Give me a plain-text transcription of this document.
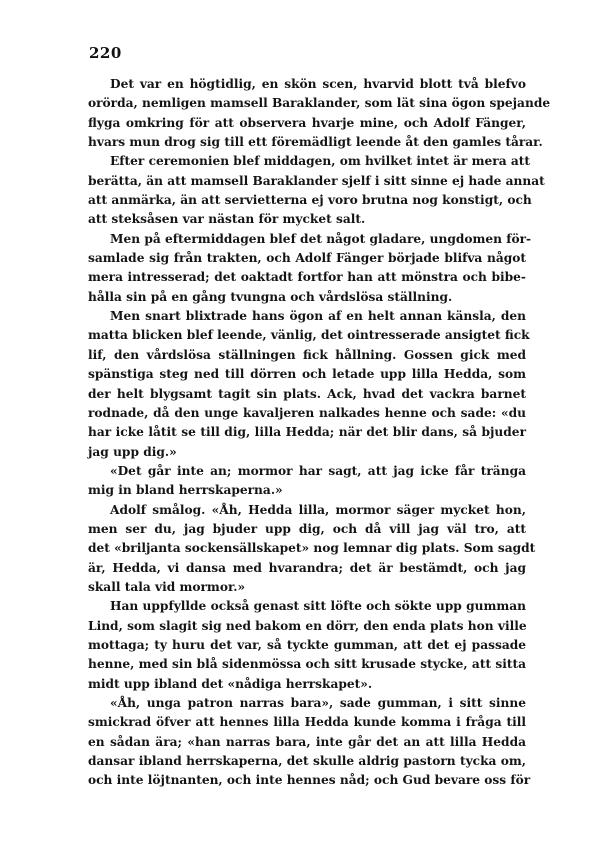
220
Det var en högtidlig, en skön scen, hvarvid blott två blefvo
orörda, nemligen mamsell Baraklander, som lät sina ögon spejande
flyga omkring för att observera hvarje mine, och Adolf Fänger,
hvars mun drog sig till ett föremädligt leende åt den gamles tårar.
Efter ceremonien blef middagen, om hvilket intet är mera att
berätta, än att mamsell Baraklander sjelf i sitt sinne ej hade annat
att anmärka, än att servietterna ej voro brutna nog konstigt, och
att steksåsen var nästan för mycket salt.
Men på eftermiddagen blef det något gladare, ungdomen för-
samlade sig från trakten, och Adolf Fänger började blifva något
mera intresserad; det oaktadt fortfor han att mönstra och bibe-
hålla sin på en gång tvungna och vårdslösa ställning.
Men snart blixtrade hans ögon af en helt annan känsla, den
matta blicken blef leende, vänlig, det ointresserade ansigtet fick
lif, den vårdslösa ställningen fick hållning. Gossen gick med
spänstiga steg ned till dörren och letade upp lilla Hedda, som
der helt blygsamt tagit sin plats. Ack, hvad det vackra barnet
rodnade, då den unge kavaljeren nalkades henne och sade: «du
har icke låtit se till dig, lilla Hedda; när det blir dans, så bjuder
jag upp dig.»
«Det går inte an; mormor har sagt, att jag icke får tränga
mig in bland herrskaperna.»
Adolf smålog. «Åh, Hedda lilla, mormor säger mycket hon,
men ser du, jag bjuder upp dig, och då vill jag väl tro, att
det «briljanta sockensällskapet» nog lemnar dig plats. Som sagdt
är, Hedda, vi dansa med hvarandra; det är bestämdt, och jag
skall tala vid mormor.»
Han uppfyllde också genast sitt löfte och sökte upp gumman
Lind, som slagit sig ned bakom en dörr, den enda plats hon ville
mottaga; ty huru det var, så tyckte gumman, att det ej passade
henne, med sin blå sidenmössa och sitt krusade stycke, att sitta
midt upp ibland det «nådiga herrskapet».
«Åh, unga patron narras bara», sade gumman, i sitt sinne
smickrad öfver att hennes lilla Hedda kunde komma i fråga till
en sådan ära; «han narras bara, inte går det an att lilla Hedda
dansar ibland herrskaperna, det skulle aldrig pastorn tycka om,
och inte löjtnanten, och inte hennes nåd; och Gud bevare oss för
